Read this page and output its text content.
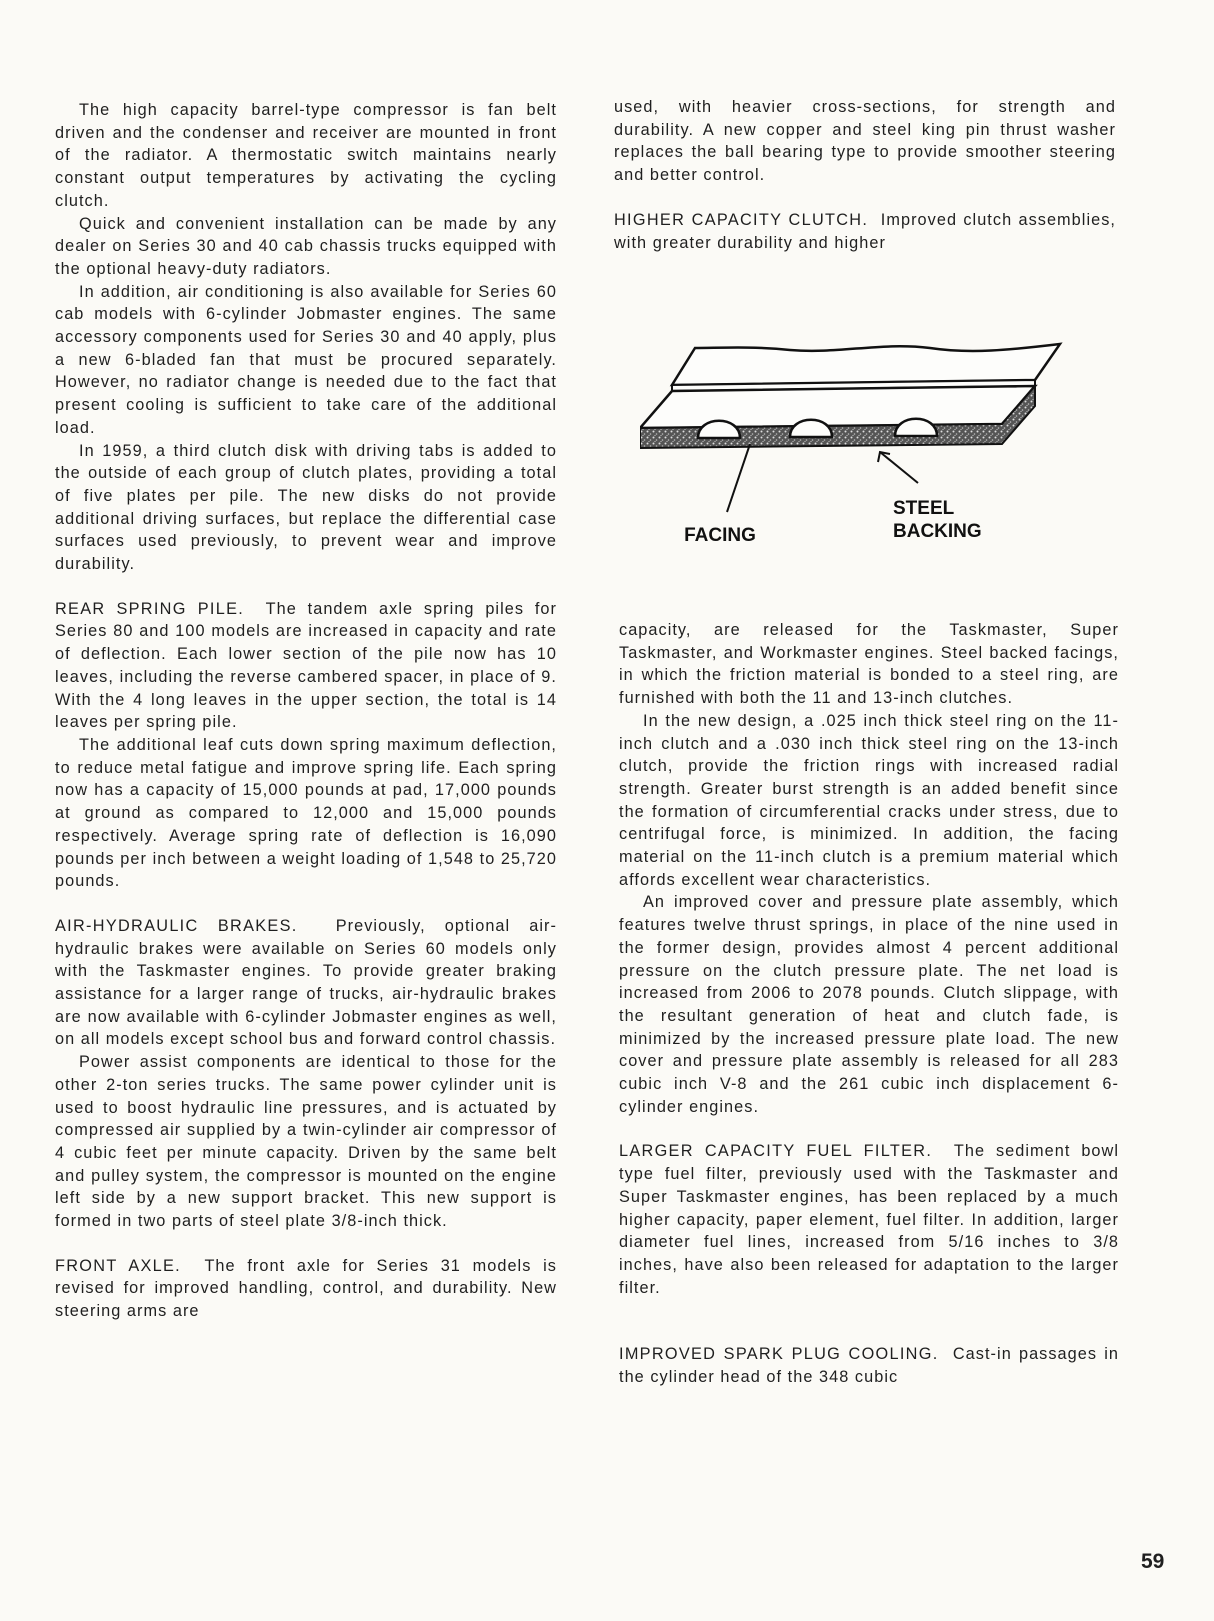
The high capacity barrel-type compressor is fan belt driven and the condenser and receiver are mounted in front of the radiator. A thermostatic switch maintains nearly constant output temperatures by activating the cycling clutch.

Quick and convenient installation can be made by any dealer on Series 30 and 40 cab chassis trucks equipped with the optional heavy-duty radiators.

In addition, air conditioning is also available for Series 60 cab models with 6-cylinder Jobmaster engines. The same accessory components used for Series 30 and 40 apply, plus a new 6-bladed fan that must be procured separately. However, no radiator change is needed due to the fact that present cooling is sufficient to take care of the additional load.

In 1959, a third clutch disk with driving tabs is added to the outside of each group of clutch plates, providing a total of five plates per pile. The new disks do not provide additional driving surfaces, but replace the differential case surfaces used previously, to prevent wear and improve durability.

REAR SPRING PILE. The tandem axle spring piles for Series 80 and 100 models are increased in capacity and rate of deflection. Each lower section of the pile now has 10 leaves, including the reverse cambered spacer, in place of 9. With the 4 long leaves in the upper section, the total is 14 leaves per spring pile.

The additional leaf cuts down spring maximum deflection, to reduce metal fatigue and improve spring life. Each spring now has a capacity of 15,000 pounds at pad, 17,000 pounds at ground as compared to 12,000 and 15,000 pounds respectively. Average spring rate of deflection is 16,090 pounds per inch between a weight loading of 1,548 to 25,720 pounds.

AIR-HYDRAULIC BRAKES. Previously, optional air-hydraulic brakes were available on Series 60 models only with the Taskmaster engines. To provide greater braking assistance for a larger range of trucks, air-hydraulic brakes are now available with 6-cylinder Jobmaster engines as well, on all models except school bus and forward control chassis.

Power assist components are identical to those for the other 2-ton series trucks. The same power cylinder unit is used to boost hydraulic line pressures, and is actuated by compressed air supplied by a twin-cylinder air compressor of 4 cubic feet per minute capacity. Driven by the same belt and pulley system, the compressor is mounted on the engine left side by a new support bracket. This new support is formed in two parts of steel plate 3/8-inch thick.

FRONT AXLE. The front axle for Series 31 models is revised for improved handling, control, and durability. New steering arms are

used, with heavier cross-sections, for strength and durability. A new copper and steel king pin thrust washer replaces the ball bearing type to provide smoother steering and better control.

HIGHER CAPACITY CLUTCH. Improved clutch assemblies, with greater durability and higher

FACING
STEEL
BACKING

capacity, are released for the Taskmaster, Super Taskmaster, and Workmaster engines. Steel backed facings, in which the friction material is bonded to a steel ring, are furnished with both the 11 and 13-inch clutches.

In the new design, a .025 inch thick steel ring on the 11-inch clutch and a .030 inch thick steel ring on the 13-inch clutch, provide the friction rings with increased radial strength. Greater burst strength is an added benefit since the formation of circumferential cracks under stress, due to centrifugal force, is minimized. In addition, the facing material on the 11-inch clutch is a premium material which affords excellent wear characteristics.

An improved cover and pressure plate assembly, which features twelve thrust springs, in place of the nine used in the former design, provides almost 4 percent additional pressure on the clutch pressure plate. The net load is increased from 2006 to 2078 pounds. Clutch slippage, with the resultant generation of heat and clutch fade, is minimized by the increased pressure plate load. The new cover and pressure plate assembly is released for all 283 cubic inch V-8 and the 261 cubic inch displacement 6-cylinder engines.

LARGER CAPACITY FUEL FILTER. The sediment bowl type fuel filter, previously used with the Taskmaster and Super Taskmaster engines, has been replaced by a much higher capacity, paper element, fuel filter. In addition, larger diameter fuel lines, increased from 5/16 inches to 3/8 inches, have also been released for adaptation to the larger filter.

IMPROVED SPARK PLUG COOLING. Cast-in passages in the cylinder head of the 348 cubic

59
